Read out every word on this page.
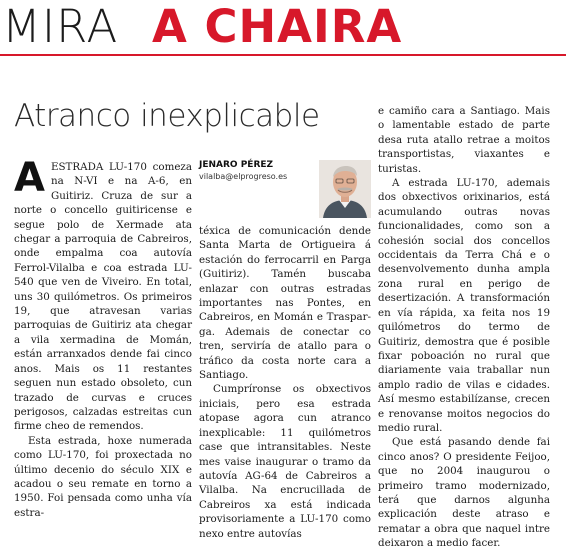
MIRA A CHAIRA
Atranco inexplicable
A ESTRADA LU-170 comeza na N-VI e na A-6, en Guitiriz. Cruza de sur a norte o concello guitiricense e segue polo de Xermade ata chegar a parroquia de Cabreiros, onde empalma coa autovía Ferrol-Vilalba e coa estrada LU-540 que ven de Viveiro. En total, uns 30 quilómetros. Os primeiros 19, que atravesan varias parroquias de Guitiriz ata chegar a vila xermadina de Momán, están arranxados dende fai cinco anos. Mais os 11 restantes seguen nun estado obsoleto, cun trazado de curvas e cruces perigosos, calzadas estreitas cun firme cheo de remendos.

Esta estrada, hoxe numerada como LU-170, foi proxectada no último decenio do século XIX e acadou o seu remate en torno a 1950. Foi pensada como unha vía estra-

JENARO PÉREZ
vilalba@elprogreso.es

téxica de comunicación dende Santa Marta de Ortigueira á estación do ferrocarril en Parga (Guitiriz). Tamén buscaba enlazar con outras estradas importantes nas Pontes, en Cabreiros, en Momán e Traspar-ga. Ademais de conectar co tren, serviría de atallo para o tráfico da costa norte cara a Santiago.

Cumpríronse os obxectivos iniciais, pero esa estrada atopase agora cun atranco inexplicable: 11 quilómetros case que intransitables. Neste mes vaise inaugurar o tramo da autovía AG-64 de Cabreiros a Vilalba. Na encrucillada de Cabreiros xa está indicada provisoriamente a LU-170 como nexo entre autovías

e camiño cara a Santiago. Mais o lamentable estado de parte desa ruta atallo retrae a moitos transportistas, viaxantes e turistas.

A estrada LU-170, ademais dos obxectivos orixinarios, está acumulando outras novas funcionalidades, como son a cohesión social dos concellos occidentais da Terra Chá e o desenvolvemento dunha ampla zona rural en perigo de desertización. A transformación en vía rápida, xa feita nos 19 quilómetros do termo de Guitiriz, demostra que é posible fixar poboación no rural que diariamente vaia traballar nun amplo radio de vilas e cidades. Así mesmo estabilízanse, crecen e renovanse moitos negocios do medio rural.

Que está pasando dende fai cinco anos? O presidente Feijoo, que no 2004 inaugurou o primeiro tramo modernizado, terá que darnos algunha explicación deste atraso e rematar a obra que naquel intre deixaron a medio facer.
